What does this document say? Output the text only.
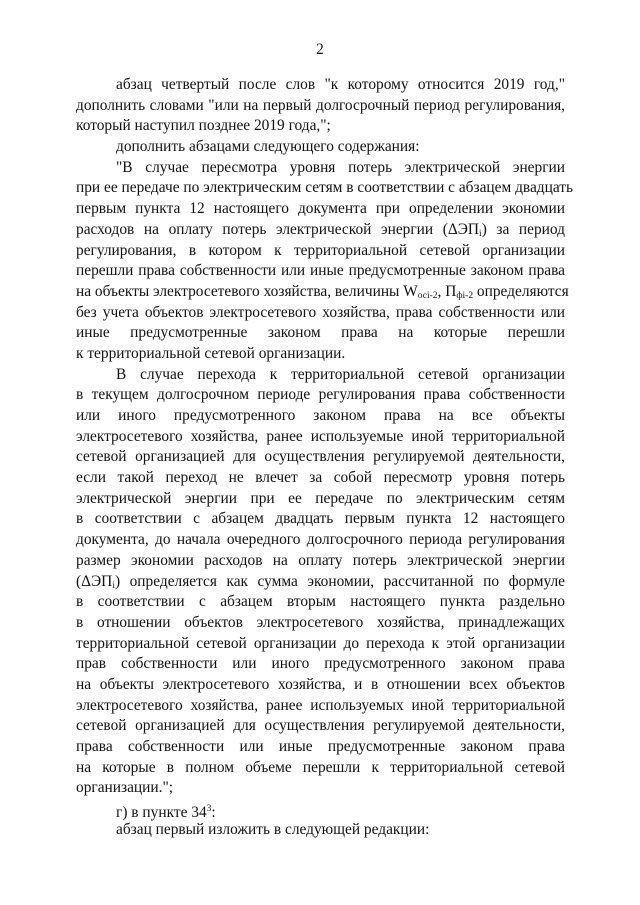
2
абзац четвертый после слов "к которому относится 2019 год,"
дополнить словами "или на первый долгосрочный период регулирования,
который наступил позднее 2019 года,";
дополнить абзацами следующего содержания:
"В случае пересмотра уровня потерь электрической энергии
при ее передаче по электрическим сетям в соответствии с абзацем двадцать
первым пункта 12 настоящего документа при определении экономии
расходов на оплату потерь электрической энергии $(\Delta ЭП_i)$ за период
регулирования, в котором к территориальной сетевой организации
перешли права собственности или иные предусмотренные законом права
на объекты электросетевого хозяйства, величины $W_{осi-2}$, $П_{фi-2}$ определяются
без учета объектов электросетевого хозяйства, права собственности или
иные предусмотренные законом права на которые перешли
к территориальной сетевой организации.
В случае перехода к территориальной сетевой организации
в текущем долгосрочном периоде регулирования права собственности
или иного предусмотренного законом права на все объекты
электросетевого хозяйства, ранее используемые иной территориальной
сетевой организацией для осуществления регулируемой деятельности,
если такой переход не влечет за собой пересмотр уровня потерь
электрической энергии при ее передаче по электрическим сетям
в соответствии с абзацем двадцать первым пункта 12 настоящего
документа, до начала очередного долгосрочного периода регулирования
размер экономии расходов на оплату потерь электрической энергии
$(\Delta ЭП_i)$ определяется как сумма экономии, рассчитанной по формуле
в соответствии с абзацем вторым настоящего пункта раздельно
в отношении объектов электросетевого хозяйства, принадлежащих
территориальной сетевой организации до перехода к этой организации
прав собственности или иного предусмотренного законом права
на объекты электросетевого хозяйства, и в отношении всех объектов
электросетевого хозяйства, ранее используемых иной территориальной
сетевой организацией для осуществления регулируемой деятельности,
права собственности или иные предусмотренные законом права
на которые в полном объеме перешли к территориальной сетевой
организации.";
г) в пункте $34^3$:
абзац первый изложить в следующей редакции:
